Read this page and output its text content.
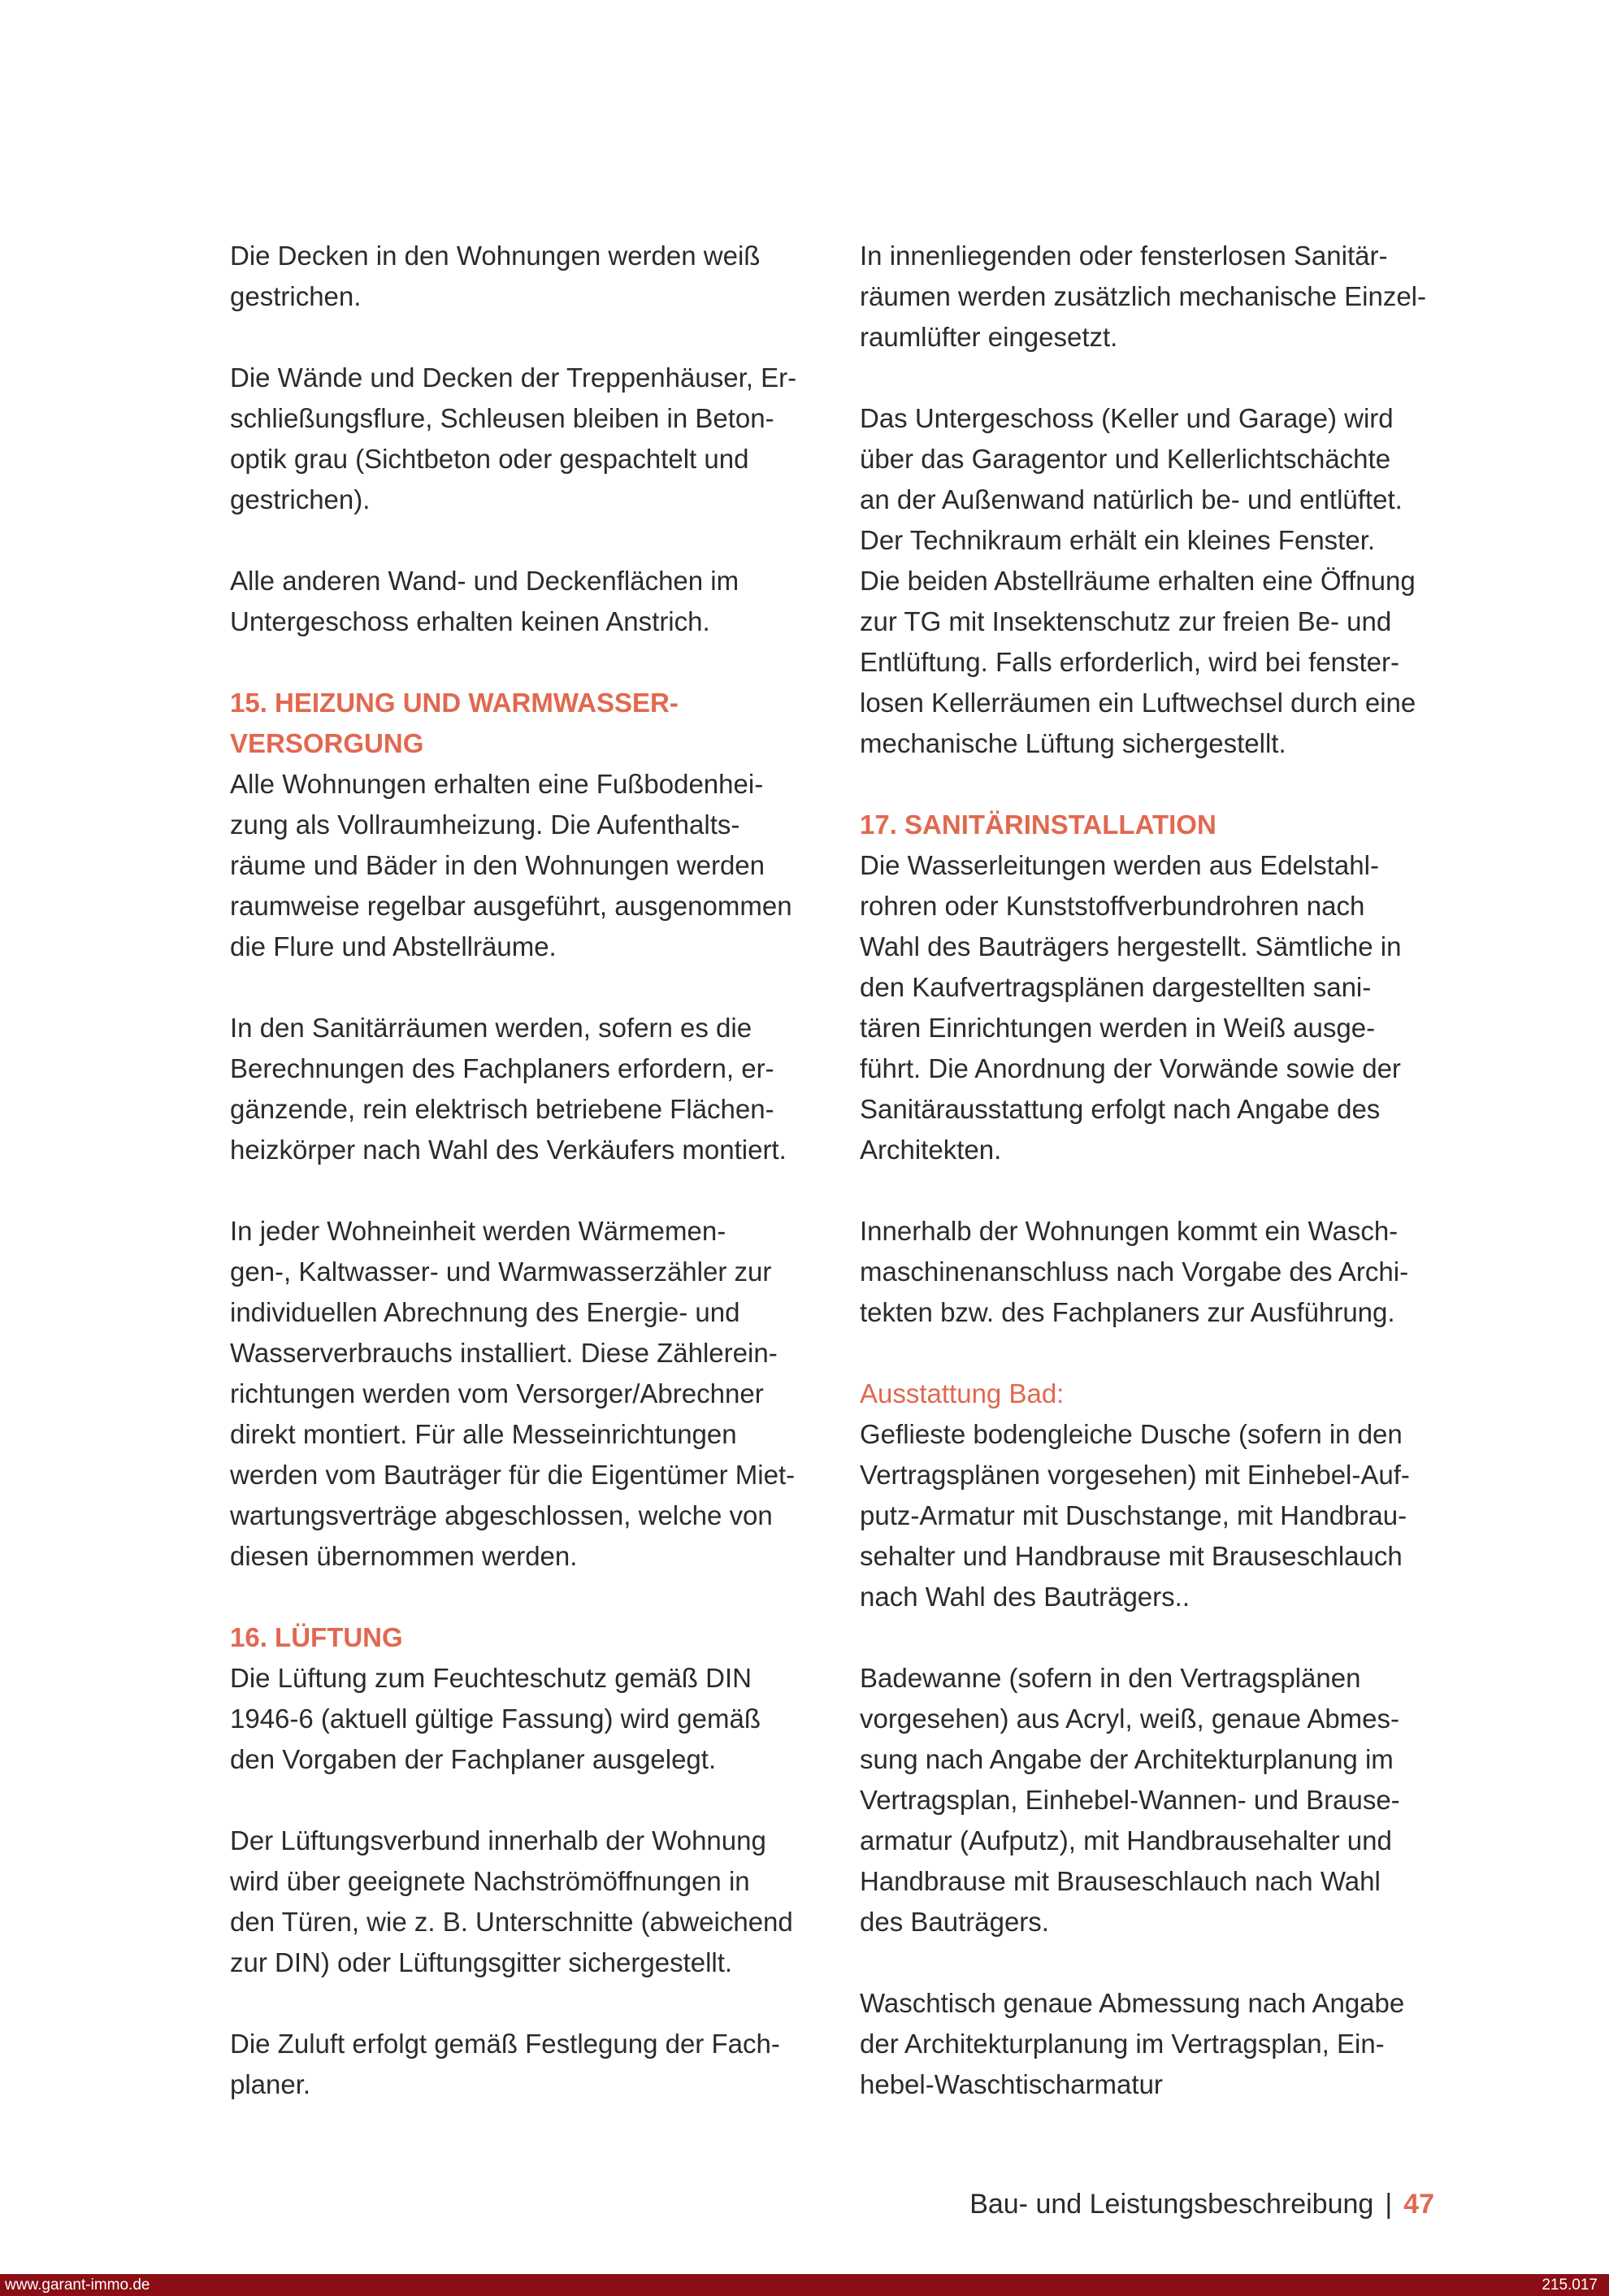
Die Decken in den Wohnungen werden weiß
gestrichen.
Die Wände und Decken der Treppenhäuser, Er-
schließungsflure, Schleusen bleiben in Beton-
optik grau (Sichtbeton oder gespachtelt und
gestrichen).
Alle anderen Wand- und Deckenflächen im
Untergeschoss erhalten keinen Anstrich.
15. HEIZUNG UND WARMWASSER-
VERSORGUNG
Alle Wohnungen erhalten eine Fußbodenhei-
zung als Vollraumheizung. Die Aufenthalts-
räume und Bäder in den Wohnungen werden
raumweise regelbar ausgeführt, ausgenommen
die Flure und Abstellräume.
In den Sanitärräumen werden, sofern es die
Berechnungen des Fachplaners erfordern, er-
gänzende, rein elektrisch betriebene Flächen-
heizkörper nach Wahl des Verkäufers montiert.
In jeder Wohneinheit werden Wärmemen-
gen-, Kaltwasser- und Warmwasserzähler zur
individuellen Abrechnung des Energie- und
Wasserverbrauchs installiert. Diese Zählerein-
richtungen werden vom Versorger/Abrechner
direkt montiert. Für alle Messeinrichtungen
werden vom Bauträger für die Eigentümer Miet-
wartungsverträge abgeschlossen, welche von
diesen übernommen werden.
16. LÜFTUNG
Die Lüftung zum Feuchteschutz gemäß DIN
1946-6 (aktuell gültige Fassung) wird gemäß
den Vorgaben der Fachplaner ausgelegt.
Der Lüftungsverbund innerhalb der Wohnung
wird über geeignete Nachströmöffnungen in
den Türen, wie z. B. Unterschnitte (abweichend
zur DIN) oder Lüftungsgitter sichergestellt.
Die Zuluft erfolgt gemäß Festlegung der Fach-
planer.
In innenliegenden oder fensterlosen Sanitär-
räumen werden zusätzlich mechanische Einzel-
raumlüfter eingesetzt.
Das Untergeschoss (Keller und Garage) wird
über das Garagentor und Kellerlichtschächte
an der Außenwand natürlich be- und entlüftet.
Der Technikraum erhält ein kleines Fenster.
Die beiden Abstellräume erhalten eine Öffnung
zur TG mit Insektenschutz zur freien Be- und
Entlüftung. Falls erforderlich, wird bei fenster-
losen Kellerräumen ein Luftwechsel durch eine
mechanische Lüftung sichergestellt.
17. SANITÄRINSTALLATION
Die Wasserleitungen werden aus Edelstahl-
rohren oder Kunststoffverbundrohren nach
Wahl des Bauträgers hergestellt. Sämtliche in
den Kaufvertragsplänen dargestellten sani-
tären Einrichtungen werden in Weiß ausge-
führt. Die Anordnung der Vorwände sowie der
Sanitärausstattung erfolgt nach Angabe des
Architekten.
Innerhalb der Wohnungen kommt ein Wasch-
maschinenanschluss nach Vorgabe des Archi-
tekten bzw. des Fachplaners zur Ausführung.
Ausstattung Bad:
Geflieste bodengleiche Dusche (sofern in den
Vertragsplänen vorgesehen) mit Einhebel-Auf-
putz-Armatur mit Duschstange, mit Handbrau-
sehalter und Handbrause mit Brauseschlauch
nach Wahl des Bauträgers..
Badewanne (sofern in den Vertragsplänen
vorgesehen) aus Acryl, weiß, genaue Abmes-
sung nach Angabe der Architekturplanung im
Vertragsplan, Einhebel-Wannen- und Brause-
armatur (Aufputz), mit Handbrausehalter und
Handbrause mit Brauseschlauch nach Wahl
des Bauträgers.
Waschtisch genaue Abmessung nach Angabe
der Architekturplanung im Vertragsplan, Ein-
hebel-Waschtischarmatur
Bau- und Leistungsbeschreibung | 47
www.garant-immo.de	215.017
